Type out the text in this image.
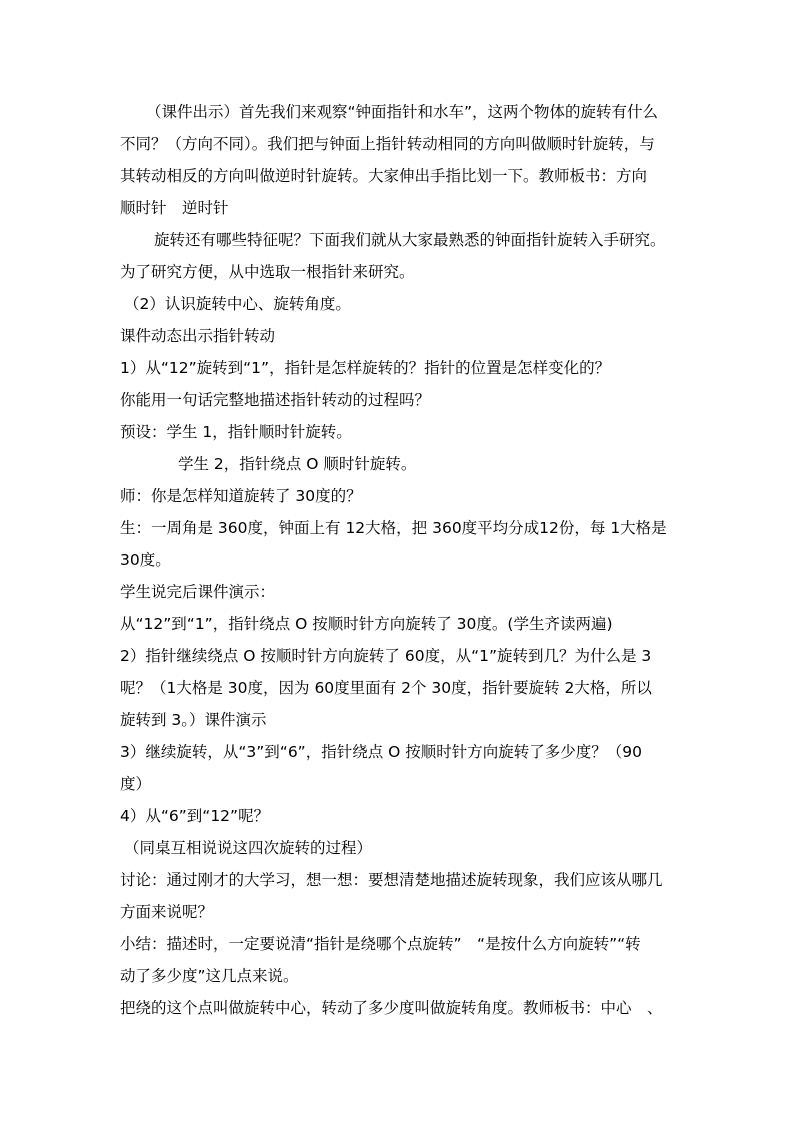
（课件出示）首先我们来观察“钟面指针和水车”，这两个物体的旋转有什么
不同？（方向不同）。我们把与钟面上指针转动相同的方向叫做顺时针旋转，与
其转动相反的方向叫做逆时针旋转。大家伸出手指比划一下。教师板书：方向
顺时针　逆时针
旋转还有哪些特征呢？下面我们就从大家最熟悉的钟面指针旋转入手研究。
为了研究方便，从中选取一根指针来研究。
（2）认识旋转中心、旋转角度。
课件动态出示指针转动
1）从“12”旋转到“1”，指针是怎样旋转的？指针的位置是怎样变化的？
你能用一句话完整地描述指针转动的过程吗？
预设：学生 1，指针顺时针旋转。
学生 2，指针绕点 O 顺时针旋转。
师：你是怎样知道旋转了 30度的？
生：一周角是 360度，钟面上有 12大格，把 360度平均分成12份，每 1大格是
30度。
学生说完后课件演示：
从“12”到“1”，指针绕点 O 按顺时针方向旋转了 30度。(学生齐读两遍)
2）指针继续绕点 O 按顺时针方向旋转了 60度，从“1”旋转到几？为什么是 3
呢？（1大格是 30度，因为 60度里面有 2个 30度，指针要旋转 2大格，所以
旋转到 3。）课件演示
3）继续旋转，从“3”到“6”，指针绕点 O 按顺时针方向旋转了多少度？（90
度）
4）从“6”到“12”呢？
（同桌互相说说这四次旋转的过程）
讨论：通过刚才的大学习，想一想：要想清楚地描述旋转现象，我们应该从哪几
方面来说呢？
小结：描述时，一定要说清“指针是绕哪个点旋转”　“是按什么方向旋转”“转
动了多少度”这几点来说。
把绕的这个点叫做旋转中心，转动了多少度叫做旋转角度。教师板书：中心　、
